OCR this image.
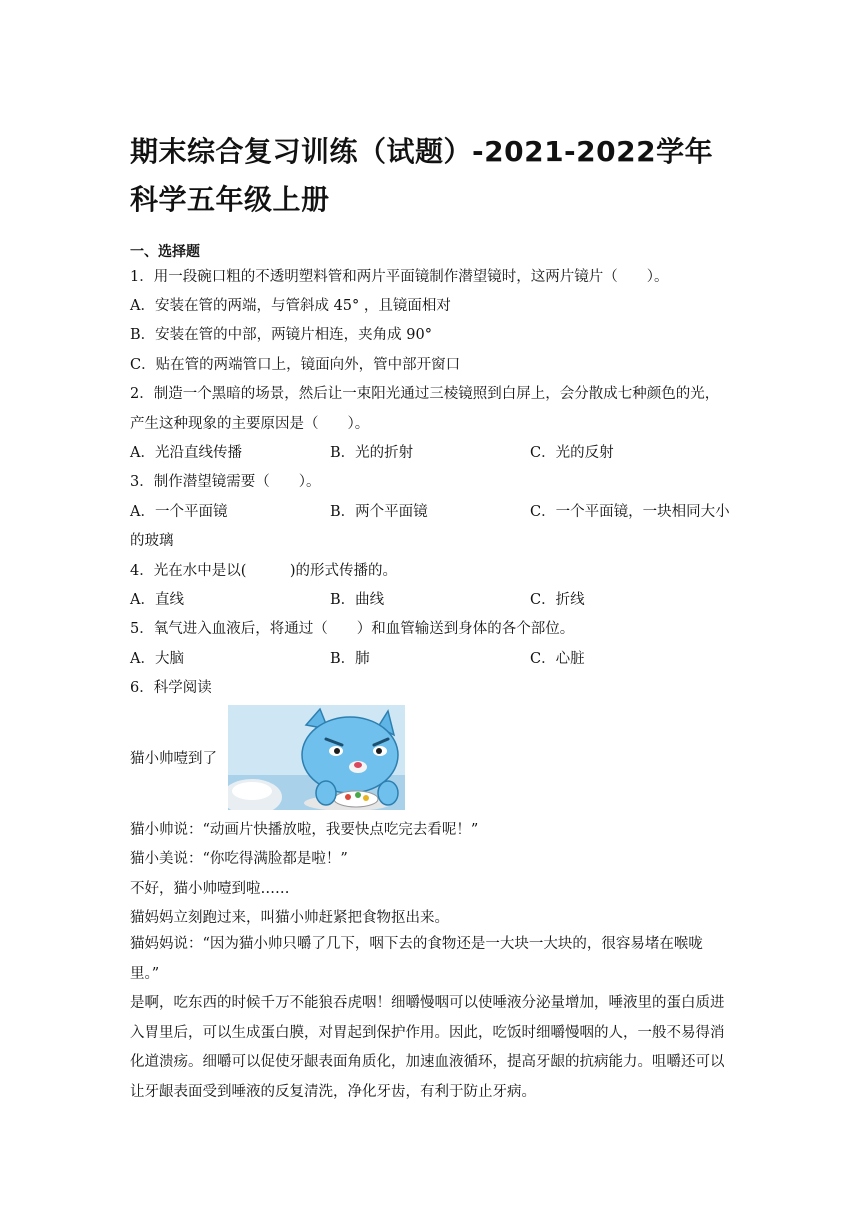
期末综合复习训练（试题）-2021-2022学年科学五年级上册
一、选择题
1．用一段碗口粗的不透明塑料管和两片平面镜制作潜望镜时，这两片镜片（　　）。
A．安装在管的两端，与管斜成 45° ，且镜面相对
B．安装在管的中部，两镜片相连，夹角成 90°
C．贴在管的两端管口上，镜面向外，管中部开窗口
2．制造一个黑暗的场景，然后让一束阳光通过三棱镜照到白屏上，会分散成七种颜色的光，产生这种现象的主要原因是（　　）。
A．光沿直线传播	B．光的折射	C．光的反射
3．制作潜望镜需要（　　）。
A．一个平面镜	B．两个平面镜	C．一个平面镜，一块相同大小
的玻璃
4．光在水中是以(　　　)的形式传播的。
A．直线	B．曲线	C．折线
5．氧气进入血液后，将通过（　　）和血管输送到身体的各个部位。
A．大脑	B．肺	C．心脏
6．科学阅读
猫小帅噎到了
猫小帅说：“动画片快播放啦，我要快点吃完去看呢！”
猫小美说：“你吃得满脸都是啦！”
不好，猫小帅噎到啦……
猫妈妈立刻跑过来，叫猫小帅赶紧把食物抠出来。
猫妈妈说：“因为猫小帅只嚼了几下，咽下去的食物还是一大块一大块的，很容易堵在喉咙里。”
是啊，吃东西的时候千万不能狼吞虎咽！细嚼慢咽可以使唾液分泌量增加，唾液里的蛋白质进入胃里后，可以生成蛋白膜，对胃起到保护作用。因此，吃饭时细嚼慢咽的人，一般不易得消化道溃疡。细嚼可以促使牙龈表面角质化，加速血液循环，提高牙龈的抗病能力。咀嚼还可以让牙龈表面受到唾液的反复清洗，净化牙齿，有利于防止牙病。
